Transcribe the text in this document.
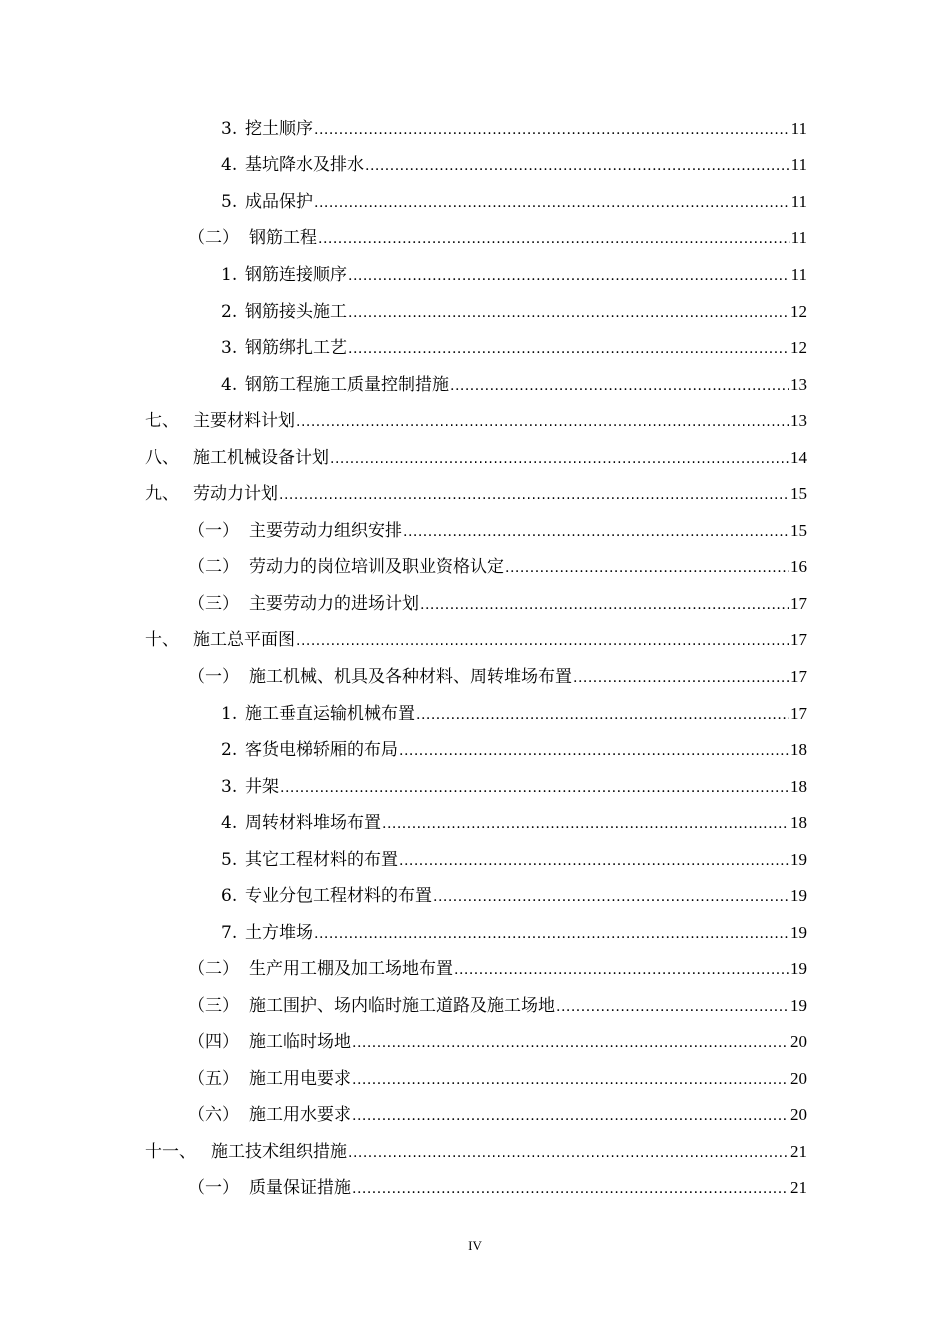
3. 挖土顺序 .....	11
4. 基坑降水及排水 .....	11
5. 成品保护 .....	11
（二） 钢筋工程 .....	11
1. 钢筋连接顺序 .....	11
2. 钢筋接头施工 .....	12
3. 钢筋绑扎工艺 .....	12
4. 钢筋工程施工质量控制措施 .....	13
七、 主要材料计划 .....	13
八、 施工机械设备计划 .....	14
九、 劳动力计划 .....	15
（一） 主要劳动力组织安排 .....	15
（二） 劳动力的岗位培训及职业资格认定 .....	16
（三） 主要劳动力的进场计划 .....	17
十、 施工总平面图 .....	17
（一） 施工机械、机具及各种材料、周转堆场布置 .....	17
1. 施工垂直运输机械布置 .....	17
2. 客货电梯轿厢的布局 .....	18
3. 井架 .....	18
4. 周转材料堆场布置 .....	18
5. 其它工程材料的布置 .....	19
6. 专业分包工程材料的布置 .....	19
7. 土方堆场 .....	19
（二） 生产用工棚及加工场地布置 .....	19
（三） 施工围护、场内临时施工道路及施工场地 .....	19
（四） 施工临时场地 .....	20
（五） 施工用电要求 .....	20
（六） 施工用水要求 .....	20
十一、 施工技术组织措施 .....	21
（一） 质量保证措施 .....	21
IV
